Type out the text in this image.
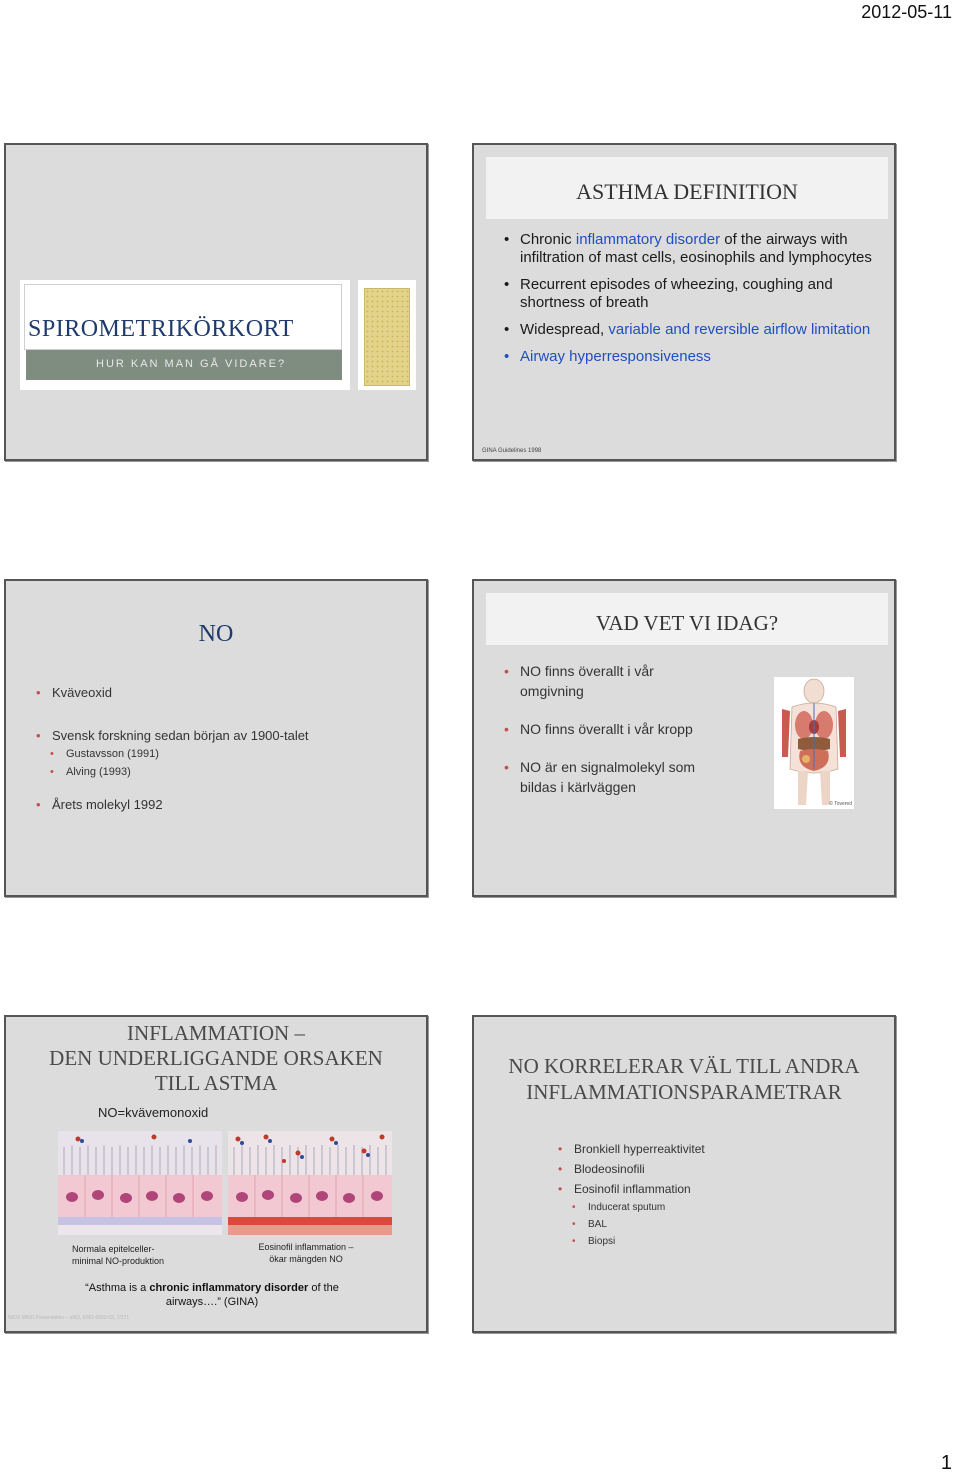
2012-05-11
SPIROMETRIKÖRKORT
HUR KAN MAN GÅ VIDARE?
ASTHMA DEFINITION
• Chronic inflammatory disorder of the airways with infiltration of mast cells, eosinophils and lymphocytes
• Recurrent episodes of wheezing, coughing and shortness of breath
• Widespread, variable and reversible airflow limitation
• Airway hyperresponsiveness
GINA Guidelines 1998
NO
• Kväveoxid
• Svensk forskning sedan början av 1900-talet
• Gustavsson (1991)
• Alving (1993)
• Årets molekyl 1992
VAD VET VI IDAG?
• NO finns överallt i vår omgivning
• NO finns överallt i vår kropp
• NO är en signalmolekyl som bildas i kärlväggen
© Tovered
INFLAMMATION –
DEN UNDERLIGGANDE ORSAKEN
TILL ASTMA
NO=kvävemonoxid
Normala epitelceller-
minimal NO-produktion
Eosinofil inflammation –
ökar mängden NO
“Asthma is a chronic inflammatory disorder of the
airways….” (GINA)
NIOX MINO Presentation – eNO, EMD-0060-02, 7/271
NO KORRELERAR VÄL TILL ANDRA
INFLAMMATIONSPARAMETRAR
• Bronkiell hyperreaktivitet
• Blodeosinofili
• Eosinofil inflammation
• Inducerat sputum
• BAL
• Biopsi
1
